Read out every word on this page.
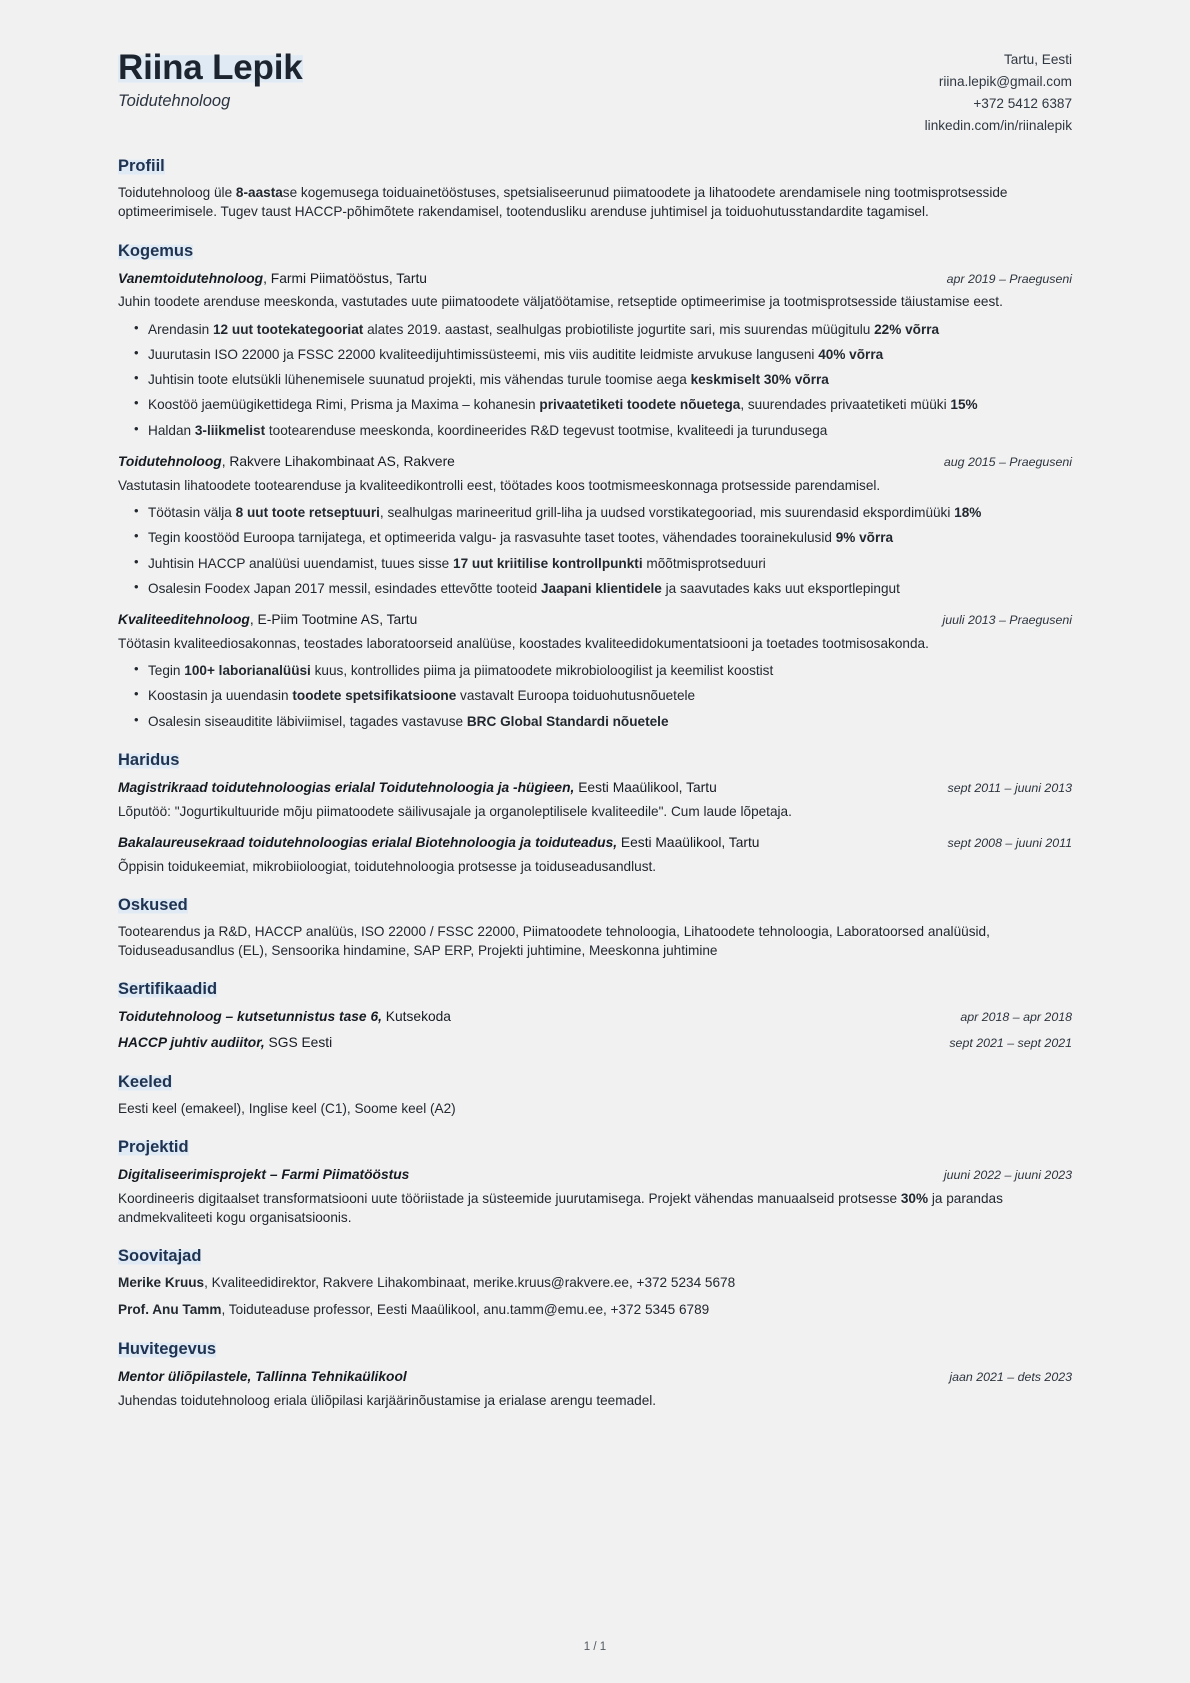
Riina Lepik
Toidutehnoloog
Tartu, Eesti
riina.lepik@gmail.com
+372 5412 6387
linkedin.com/in/riinalepik
Profiil
Toidutehnoloog üle 8-aastase kogemusega toiduainetööstuses, spetsialiseerunud piimatoodete ja lihatoodete arendamisele ning tootmisprotsesside optimeerimisele. Tugev taust HACCP-põhimõtete rakendamisel, tootendusliku arenduse juhtimisel ja toiduohutusstandardite tagamisel.
Kogemus
Vanemtoidutehnoloog, Farmi Piimatööstus, Tartu	apr 2019 – Praeguseni
Juhin toodete arenduse meeskonda, vastutades uute piimatoodete väljatöötamise, retseptide optimeerimise ja tootmisprotsesside täiustamise eest.
• Arendasin 12 uut tootekategooriat alates 2019. aastast, sealhulgas probiotiliste jogurtite sari, mis suurendas müügitulu 22% võrra
• Juurutasin ISO 22000 ja FSSC 22000 kvaliteedijuhtimissüsteemi, mis viis auditite leidmiste arvukuse languseni 40% võrra
• Juhtisin toote elutsükli lühenemisele suunatud projekti, mis vähendas turule toomise aega keskmiselt 30% võrra
• Koostöö jaemüügikettidega Rimi, Prisma ja Maxima – kohanesin privaatetiketi toodete nõuetega, suurendades privaatetiketi müüki 15%
• Haldan 3-liikmelist tootearenduse meeskonda, koordineerides R&D tegevust tootmise, kvaliteedi ja turundusega
Toidutehnoloog, Rakvere Lihakombinaat AS, Rakvere	aug 2015 – Praeguseni
Vastutasin lihatoodete tootearenduse ja kvaliteedikontrolli eest, töötades koos tootmismeeskonnaga protsesside parendamisel.
• Töötasin välja 8 uut toote retseptuuri, sealhulgas marineeritud grill-liha ja uudsed vorstikategooriad, mis suurendasid ekspordimüüki 18%
• Tegin koostööd Euroopa tarnijatega, et optimeerida valgu- ja rasvasuhte taset tootes, vähendades toorainekulusid 9% võrra
• Juhtisin HACCP analüüsi uuendamist, tuues sisse 17 uut kriitilise kontrollpunkti mõõtmisprotseduuri
• Osalesin Foodex Japan 2017 messil, esindades ettevõtte tooteid Jaapani klientidele ja saavutades kaks uut eksportlepingut
Kvaliteeditehnoloog, E-Piim Tootmine AS, Tartu	juuli 2013 – Praeguseni
Töötasin kvaliteediosakonnas, teostades laboratoorseid analüüse, koostades kvaliteedidokumentatsiooni ja toetades tootmisosakonda.
• Tegin 100+ laborianalüüsi kuus, kontrollides piima ja piimatoodete mikrobioloogilist ja keemilist koostist
• Koostasin ja uuendasin toodete spetsifikatsioone vastavalt Euroopa toiduohutusnõuetele
• Osalesin siseauditite läbiviimisel, tagades vastavuse BRC Global Standardi nõuetele
Haridus
Magistrikraad toidutehnoloogias erialal Toidutehnoloogia ja -hügieen, Eesti Maaülikool, Tartu	sept 2011 – juuni 2013
Lõputöö: "Jogurtikultuuride mõju piimatoodete säilivusajale ja organoleptilisele kvaliteedile". Cum laude lõpetaja.
Bakalaureusekraad toidutehnoloogias erialal Biotehnoloogia ja toiduteadus, Eesti Maaülikool, Tartu	sept 2008 – juuni 2011
Õppisin toidukeemiat, mikrobiioloogiat, toidutehnoloogia protsesse ja toiduseadusandlust.
Oskused
Tootearendus ja R&D, HACCP analüüs, ISO 22000 / FSSC 22000, Piimatoodete tehnoloogia, Lihatoodete tehnoloogia, Laboratoorsed analüüsid, Toiduseadusandlus (EL), Sensoorika hindamine, SAP ERP, Projekti juhtimine, Meeskonna juhtimine
Sertifikaadid
Toidutehnoloog – kutsetunnistus tase 6, Kutsekoda	apr 2018 – apr 2018
HACCP juhtiv audiitor, SGS Eesti	sept 2021 – sept 2021
Keeled
Eesti keel (emakeel), Inglise keel (C1), Soome keel (A2)
Projektid
Digitaliseerimisprojekt – Farmi Piimatööstus	juuni 2022 – juuni 2023
Koordineeris digitaalset transformatsiooni uute tööriistade ja süsteemide juurutamisega. Projekt vähendas manuaalseid protsesse 30% ja parandas andmekvaliteeti kogu organisatsioonis.
Soovitajad
Merike Kruus, Kvaliteedidirektor, Rakvere Lihakombinaat, merike.kruus@rakvere.ee, +372 5234 5678
Prof. Anu Tamm, Toiduteaduse professor, Eesti Maaülikool, anu.tamm@emu.ee, +372 5345 6789
Huvitegevus
Mentor üliõpilastele, Tallinna Tehnikaülikool	jaan 2021 – dets 2023
Juhendas toidutehnoloog eriala üliõpilasi karjäärinõustamise ja erialase arengu teemadel.
1 / 1
